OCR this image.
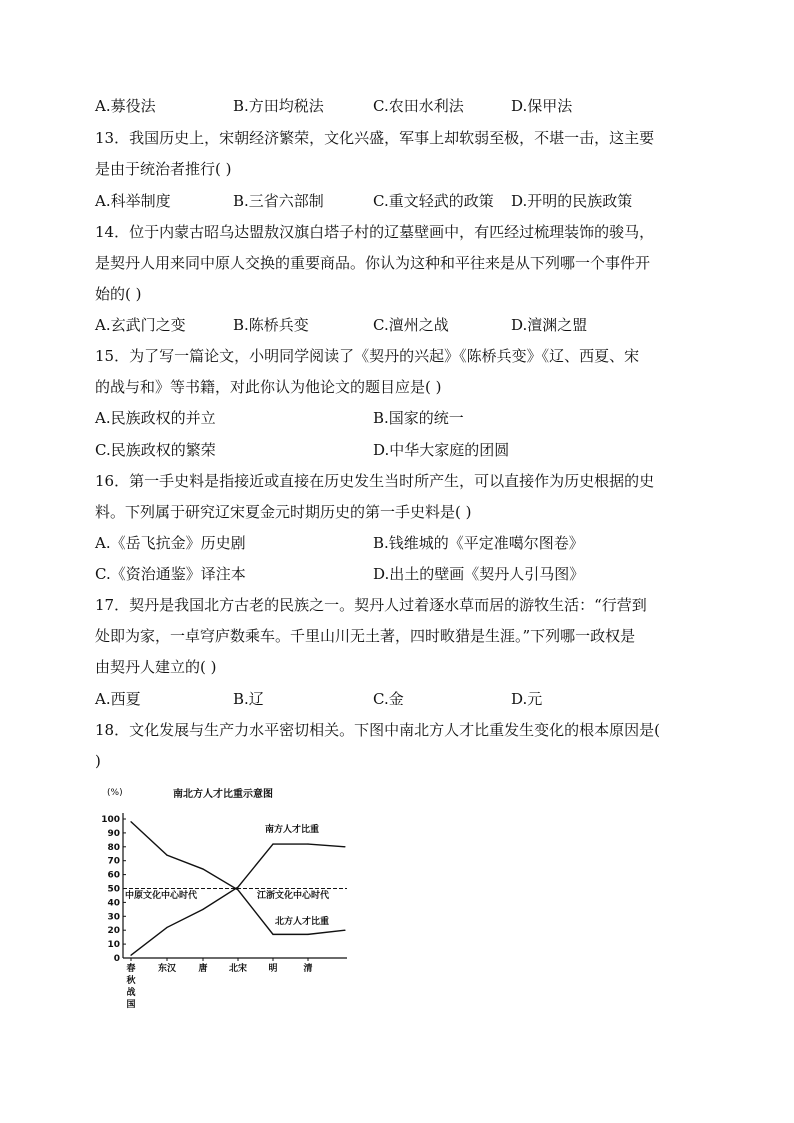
A.募役法	B.方田均税法	C.农田水利法	D.保甲法
13．我国历史上，宋朝经济繁荣，文化兴盛，军事上却软弱至极，不堪一击，这主要
是由于统治者推行( )
A.科举制度	B.三省六部制	C.重文轻武的政策 D.开明的民族政策
14．位于内蒙古昭乌达盟敖汉旗白塔子村的辽墓壁画中，有匹经过梳理装饰的骏马，
是契丹人用来同中原人交换的重要商品。你认为这种和平往来是从下列哪一个事件开
始的( )
A.玄武门之变	B.陈桥兵变	C.澶州之战	D.澶渊之盟
15．为了写一篇论文，小明同学阅读了《契丹的兴起》《陈桥兵变》《辽、西夏、宋
的战与和》等书籍，对此你认为他论文的题目应是( )
A.民族政权的并立	B.国家的统一
C.民族政权的繁荣	D.中华大家庭的团圆
16．第一手史料是指接近或直接在历史发生当时所产生，可以直接作为历史根据的史
料。下列属于研究辽宋夏金元时期历史的第一手史料是( )
A.《岳飞抗金》历史剧	B.钱维城的《平定准噶尔图卷》
C.《资治通鉴》译注本	D.出土的壁画《契丹人引马图》
17．契丹是我国北方古老的民族之一。契丹人过着逐水草而居的游牧生活：“行营到
处即为家，一卓穹庐数乘车。千里山川无土著，四时畋猎是生涯。”下列哪一政权是
由契丹人建立的( )
A.西夏	B.辽	C.金	D.元
18．文化发展与生产力水平密切相关。下图中南北方人才比重发生变化的根本原因是(
)
南北方人才比重示意图
(%)
0
10
20
30
40
50
60
70
80
90
100
春
秋
战
国
东汉 唐 北宋 明	清
南方人才比重
北方人才比重
中原文化中心时代	江浙文化中心时代
